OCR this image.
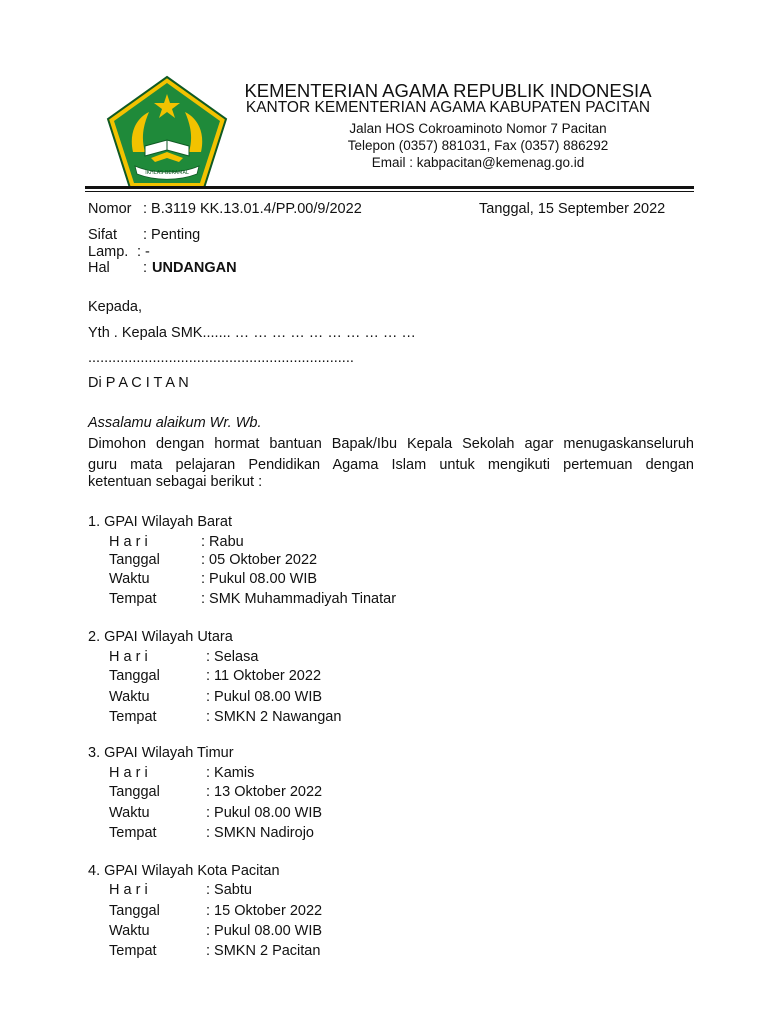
IKHLAS BERAMAL
KEMENTERIAN AGAMA REPUBLIK INDONESIA
KANTOR KEMENTERIAN AGAMA KABUPATEN PACITAN
Jalan HOS Cokroaminoto Nomor 7 Pacitan
Telepon (0357) 881031, Fax (0357) 886292
Email : kabpacitan@kemenag.go.id
Nomor : B.3119 KK.13.01.4/PP.00/9/2022	Tanggal, 15 September 2022
Sifat : Penting
Lamp. : -
Hal : UNDANGAN
Kepada,
Yth . Kepala SMK....... … … … … … … … … … …
..................................................................
Di P A C I T A N
Assalamu alaikum Wr. Wb.
Dimohon dengan hormat bantuan Bapak/Ibu Kepala Sekolah agar menugaskanseluruh
guru mata pelajaran Pendidikan Agama Islam untuk mengikuti pertemuan dengan
ketentuan sebagai berikut :
1. GPAI Wilayah Barat
H a r i	: Rabu
Tanggal	: 05 Oktober 2022
Waktu	: Pukul 08.00 WIB
Tempat	: SMK Muhammadiyah Tinatar
2. GPAI Wilayah Utara
H a r i	: Selasa
Tanggal	: 11 Oktober 2022
Waktu	: Pukul 08.00 WIB
Tempat	: SMKN 2 Nawangan
3. GPAI Wilayah Timur
H a r i	: Kamis
Tanggal	: 13 Oktober 2022
Waktu	: Pukul 08.00 WIB
Tempat	: SMKN Nadirojo
4. GPAI Wilayah Kota Pacitan
H a r i	: Sabtu
Tanggal	: 15 Oktober 2022
Waktu	: Pukul 08.00 WIB
Tempat	: SMKN 2 Pacitan
